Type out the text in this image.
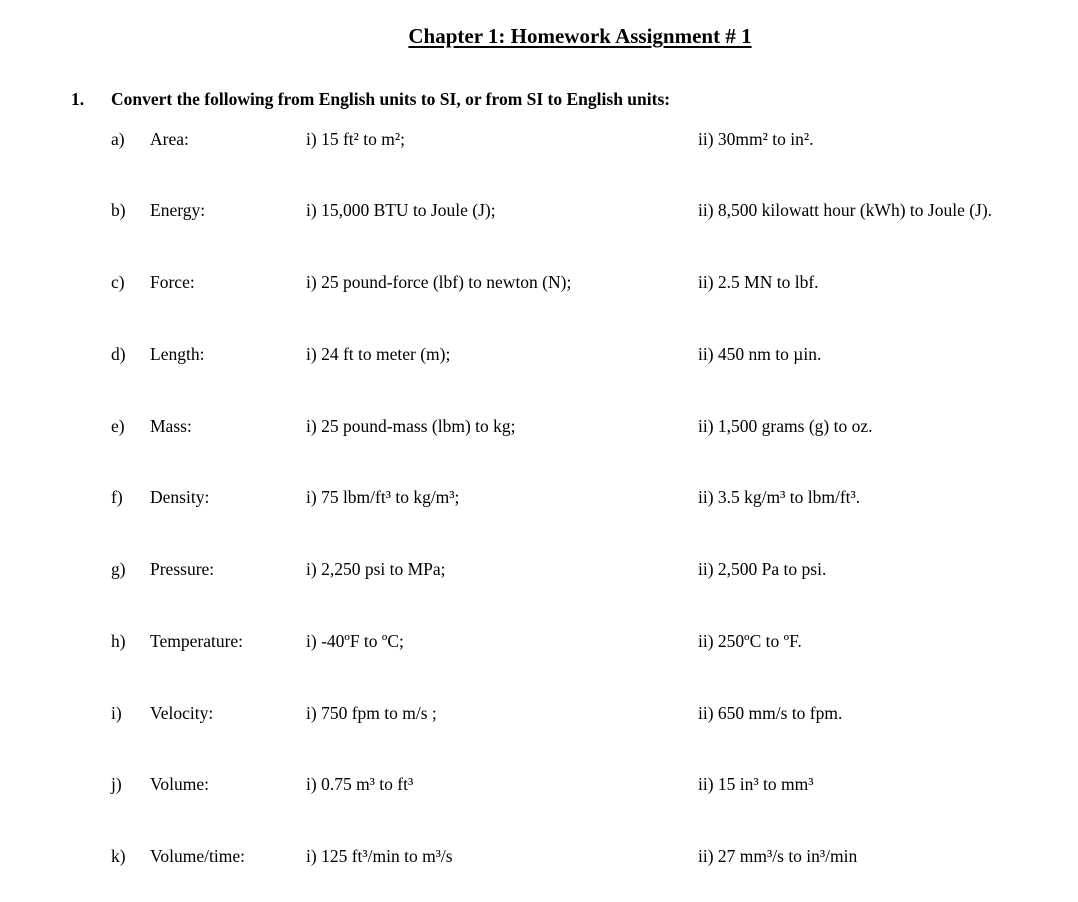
Chapter 1: Homework Assignment # 1
1. Convert the following from English units to SI, or from SI to English units:
a) Area:	i) 15 ft² to m²;	ii) 30mm² to in².
b) Energy:	i) 15,000 BTU to Joule (J);	ii) 8,500 kilowatt hour (kWh) to Joule (J).
c) Force:	i) 25 pound-force (lbf) to newton (N);	ii) 2.5 MN to lbf.
d) Length:	i) 24 ft to meter (m);	ii) 450 nm to µin.
e) Mass:	i) 25 pound-mass (lbm) to kg;	ii) 1,500 grams (g) to oz.
f) Density:	i) 75 lbm/ft³ to kg/m³;	ii) 3.5 kg/m³ to lbm/ft³.
g) Pressure:	i) 2,250 psi to MPa;	ii) 2,500 Pa to psi.
h) Temperature:	i) -40ºF to ºC;	ii) 250ºC to ºF.
i) Velocity:	i) 750 fpm to m/s ;	ii) 650 mm/s to fpm.
j) Volume:	i) 0.75 m³ to ft³	ii) 15 in³ to mm³
k) Volume/time:	i) 125 ft³/min to m³/s	ii) 27 mm³/s to in³/min
